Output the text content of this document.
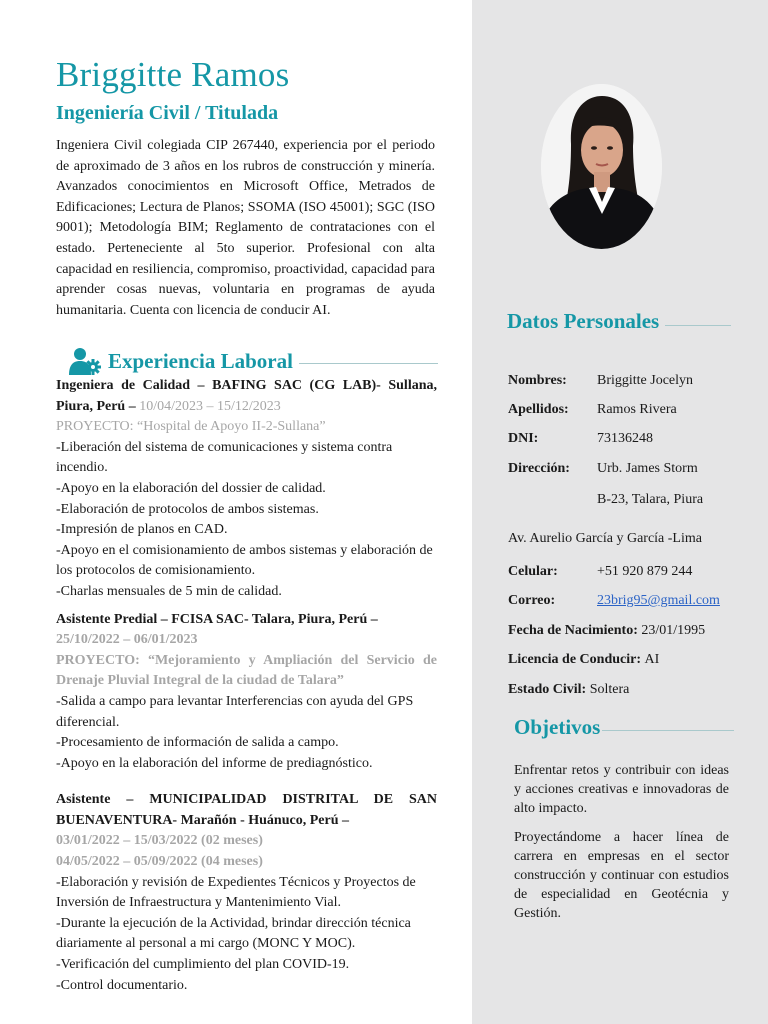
Briggitte Ramos
Ingeniería Civil / Titulada

Ingeniera Civil colegiada CIP 267440, experiencia por el periodo de aproximado de 3 años en los rubros de construcción y minería. Avanzados conocimientos en Microsoft Office, Metrados de Edificaciones; Lectura de Planos; SSOMA (ISO 45001); SGC (ISO 9001); Metodología BIM; Reglamento de contrataciones con el estado. Perteneciente al 5to superior. Profesional con alta capacidad en resiliencia, compromiso, proactividad, capacidad para aprender cosas nuevas, voluntaria en programas de ayuda humanitaria. Cuenta con licencia de conducir AI.

Experiencia Laboral

Ingeniera de Calidad – BAFING SAC (CG LAB)- Sullana, Piura, Perú – 10/04/2023 – 15/12/2023

PROYECTO: “Hospital de Apoyo II-2-Sullana”

-Liberación del sistema de comunicaciones y sistema contra incendio.

-Apoyo en la elaboración del dossier de calidad.

-Elaboración de protocolos de ambos sistemas.

-Impresión de planos en CAD.

-Apoyo en el comisionamiento de ambos sistemas y elaboración de los protocolos de comisionamiento.

-Charlas mensuales de 5 min de calidad.

Asistente Predial – FCISA SAC- Talara, Piura, Perú –

25/10/2022 – 06/01/2023

PROYECTO: “Mejoramiento y Ampliación del Servicio de Drenaje Pluvial Integral de la ciudad de Talara”

-Salida a campo para levantar Interferencias con ayuda del GPS diferencial.

-Procesamiento de información de salida a campo.

-Apoyo en la elaboración del informe de prediagnóstico.

Asistente – MUNICIPALIDAD DISTRITAL DE SAN BUENAVENTURA- Marañón - Huánuco, Perú –

03/01/2022 – 15/03/2022 (02 meses)

04/05/2022 – 05/09/2022 (04 meses)

-Elaboración y revisión de Expedientes Técnicos y Proyectos de Inversión de Infraestructura y Mantenimiento Vial.

-Durante la ejecución de la Actividad, brindar dirección técnica diariamente al personal a mi cargo (MONC Y MOC).

-Verificación del cumplimiento del plan COVID-19.

-Control documentario.

Datos Personales
Nombres:	Briggitte Jocelyn
Apellidos:	Ramos Rivera
DNI:	73136248
Dirección:	Urb. James Storm
B-23, Talara, Piura
Av. Aurelio García y García -Lima
Celular:	+51 920 879 244
Correo:	23brig95@gmail.com
Fecha de Nacimiento:
23/01/1995
Licencia de Conducir:
AI
Estado Civil:
Soltera
Objetivos

Enfrentar retos y contribuir con ideas y acciones creativas e innovadoras de alto impacto.

Proyectándome a hacer línea de carrera en empresas en el sector construcción y continuar con estudios de especialidad en Geotécnia y Gestión.
